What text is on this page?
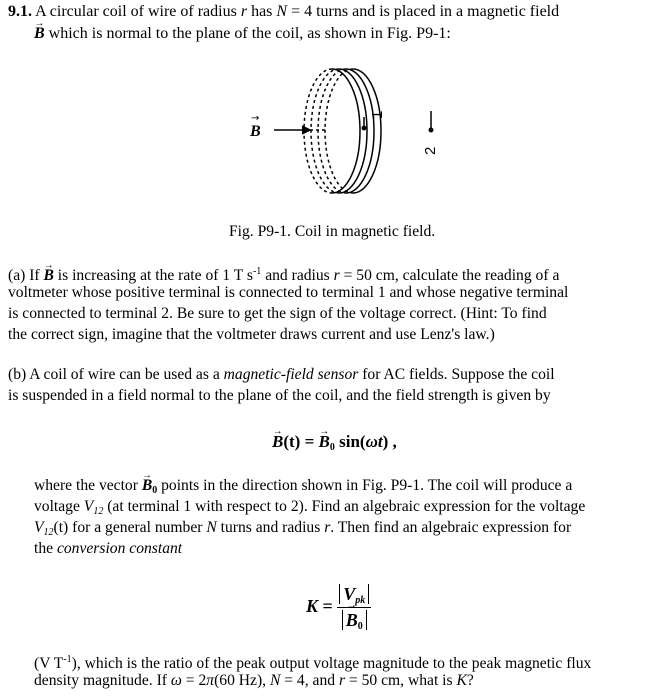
9.1. A circular coil of wire of radius r has N = 4 turns and is placed in a magnetic field
→ B which is normal to the plane of the coil, as shown in Fig. P9-1:
B
→	1
2
Fig. P9-1. Coil in magnetic field.
(a) If → B is increasing at the rate of 1 T $s^{-1}$ and radius r = 50 cm, calculate the reading of a
voltmeter whose positive terminal is connected to terminal 1 and whose negative terminal
is connected to terminal 2. Be sure to get the sign of the voltage correct. (Hint: To find
the correct sign, imagine that the voltmeter draws current and use Lenz's law.)
(b) A coil of wire can be used as a magnetic-field sensor for AC fields. Suppose the coil
is suspended in a field normal to the plane of the coil, and the field strength is given by
→ B(t) = → $B_0$ sin(ωt) ,
where the vector → $B_0$ points in the direction shown in Fig. P9-1. The coil will produce a
voltage $V_{12}$ (at terminal 1 with respect to 2). Find an algebraic expression for the voltage
$V_{12}(t)$ for a general number N turns and radius r. Then find an algebraic expression for
the conversion constant
$K = V_{pk}$
→ $B_0$
(V $T^{-1}$), which is the ratio of the peak output voltage magnitude to the peak magnetic flux
density magnitude. If ω = 2π(60 Hz), N = 4, and r = 50 cm, what is K?
